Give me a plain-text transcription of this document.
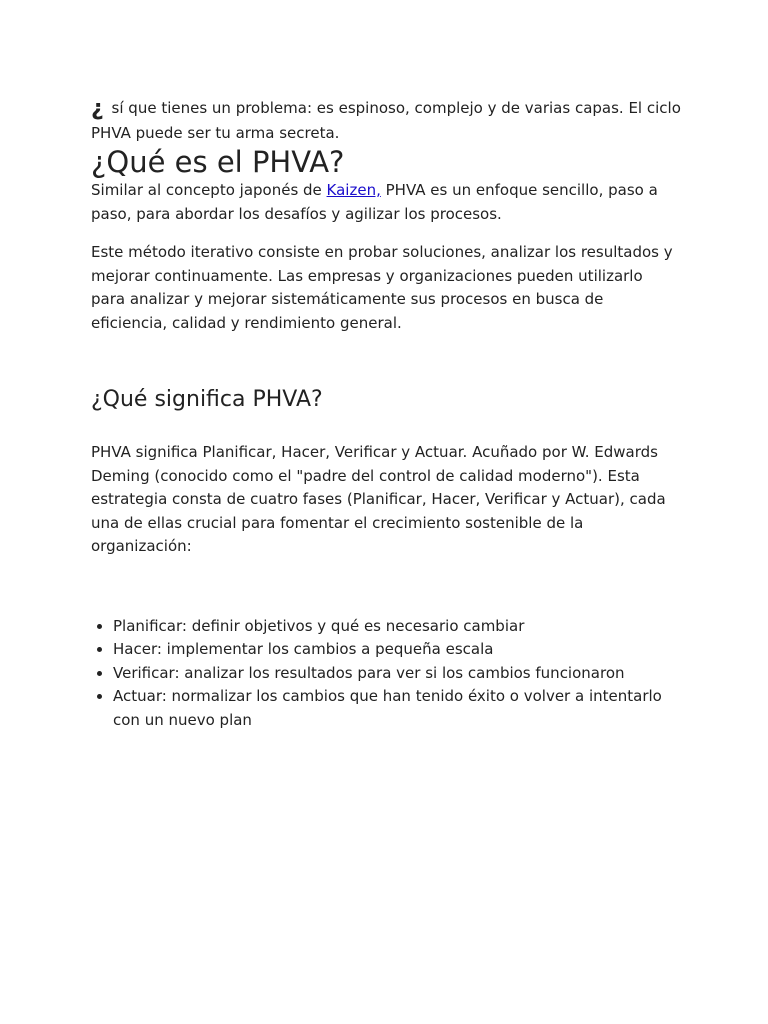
¿ sí que tienes un problema: es espinoso, complejo y de varias capas. El ciclo PHVA puede ser tu arma secreta.

¿Qué es el PHVA?

Similar al concepto japonés de Kaizen, PHVA es un enfoque sencillo, paso a paso, para abordar los desafíos y agilizar los procesos.

Este método iterativo consiste en probar soluciones, analizar los resultados y mejorar continuamente. Las empresas y organizaciones pueden utilizarlo para analizar y mejorar sistemáticamente sus procesos en busca de eficiencia, calidad y rendimiento general.

¿Qué significa PHVA?

PHVA significa Planificar, Hacer, Verificar y Actuar. Acuñado por W. Edwards Deming (conocido como el "padre del control de calidad moderno"). Esta estrategia consta de cuatro fases (Planificar, Hacer, Verificar y Actuar), cada una de ellas crucial para fomentar el crecimiento sostenible de la organización:

• Planificar: definir objetivos y qué es necesario cambiar
• Hacer: implementar los cambios a pequeña escala
• Verificar: analizar los resultados para ver si los cambios funcionaron
• Actuar: normalizar los cambios que han tenido éxito o volver a intentarlo con un nuevo plan
